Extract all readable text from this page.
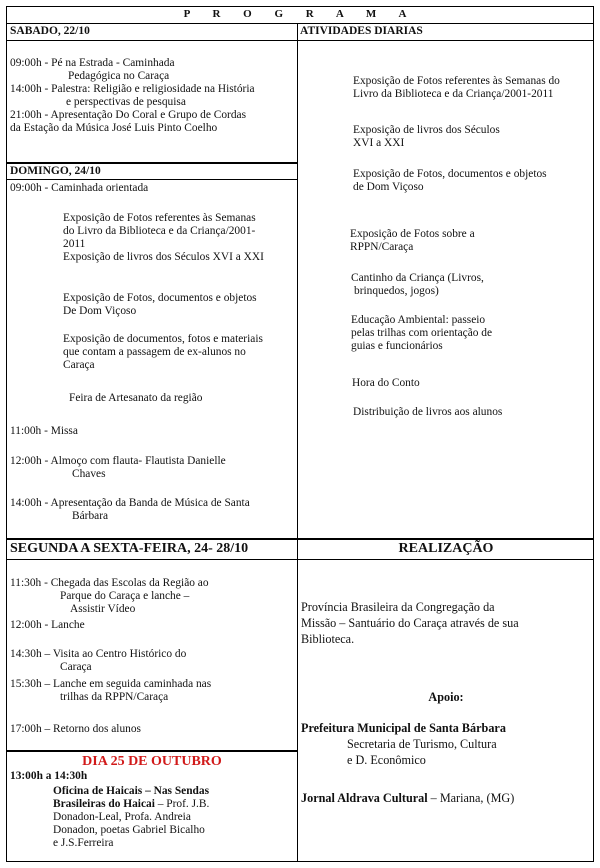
P R O G R A M A
SABADO, 22/10
09:00h - Pé na Estrada - Caminhada
Pedagógica no Caraça
14:00h - Palestra: Religião e religiosidade na História
e perspectivas de pesquisa
21:00h - Apresentação Do Coral e Grupo de Cordas
da Estação da Música José Luis Pinto Coelho
DOMINGO, 24/10
09:00h - Caminhada orientada
Exposição de Fotos referentes às Semanas
do Livro da Biblioteca e da Criança/2001-
2011
Exposição de livros dos Séculos XVI a XXI
Exposição de Fotos, documentos e objetos
De Dom Viçoso
Exposição de documentos, fotos e materiais
que contam a passagem de ex-alunos no
Caraça
Feira de Artesanato da região
11:00h - Missa
12:00h - Almoço com flauta- Flautista Danielle
Chaves
14:00h - Apresentação da Banda de Música de Santa
Bárbara
ATIVIDADES DIARIAS
Exposição de Fotos referentes às Semanas do
Livro da Biblioteca e da Criança/2001-2011
Exposição de livros dos Séculos
XVI a XXI
Exposição de Fotos, documentos e objetos
de Dom Viçoso
Exposição de Fotos sobre a
RPPN/Caraça
Cantinho da Criança (Livros,
brinquedos, jogos)
Educação Ambiental: passeio
pelas trilhas com orientação de
guias e funcionários
Hora do Conto
Distribuição de livros aos alunos
SEGUNDA A SEXTA-FEIRA, 24- 28/10	REALIZAÇÃO
11:30h - Chegada das Escolas da Região ao
Parque do Caraça e lanche –
Assistir Vídeo
12:00h - Lanche
14:30h – Visita ao Centro Histórico do
Caraça
15:30h – Lanche em seguida caminhada nas
trilhas da RPPN/Caraça
17:00h – Retorno dos alunos
DIA 25 DE OUTUBRO
13:00h a 14:30h
Oficina de Haicais – Nas Sendas
Brasileiras do Haicai – Prof. J.B.
Donadon-Leal, Profa. Andreia
Donadon, poetas Gabriel Bicalho
e J.S.Ferreira
Província Brasileira da Congregação da
Missão – Santuário do Caraça através de sua
Biblioteca.
Apoio:
Prefeitura Municipal de Santa Bárbara
Secretaria de Turismo, Cultura
e D. Econômico
Jornal Aldrava Cultural – Mariana, (MG)
